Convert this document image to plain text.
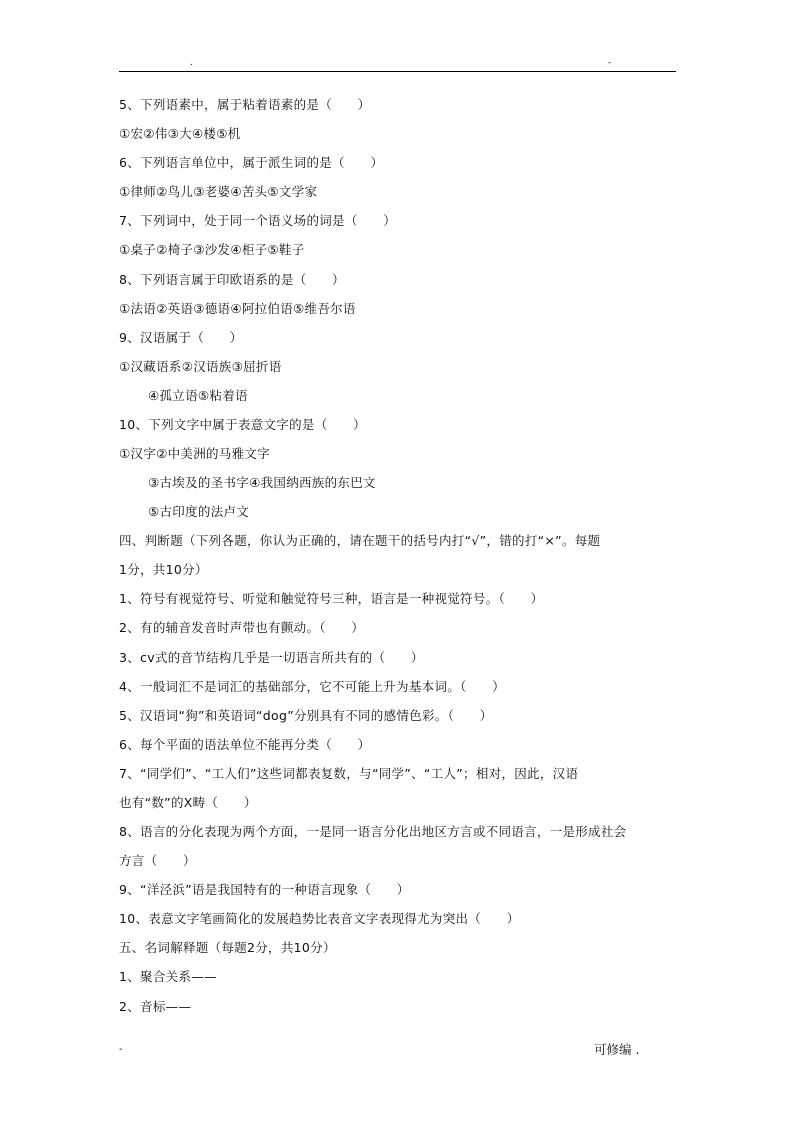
.	-
5、下列语素中，属于粘着语素的是（　　）
①宏②伟③大④楼⑤机
6、下列语言单位中，属于派生词的是（　　）
①律师②鸟儿③老婆④苦头⑤文学家
7、下列词中，处于同一个语义场的词是（　　）
①桌子②椅子③沙发④柜子⑤鞋子
8、下列语言属于印欧语系的是（　　）
①法语②英语③德语④阿拉伯语⑤维吾尔语
9、汉语属于（　　）
①汉藏语系②汉语族③屈折语
④孤立语⑤粘着语
10、下列文字中属于表意文字的是（　　）
①汉字②中美洲的马雅文字
③古埃及的圣书字④我国纳西族的东巴文
⑤古印度的法卢文
四、判断题（下列各题，你认为正确的，请在题干的括号内打“√”，错的打“×”。每题
1分，共10分）
1、符号有视觉符号、听觉和触觉符号三种，语言是一种视觉符号。（　　）
2、有的辅音发音时声带也有颤动。（　　）
3、cv式的音节结构几乎是一切语言所共有的（　　）
4、一般词汇不是词汇的基础部分，它不可能上升为基本词。（　　）
5、汉语词“狗”和英语词“dog”分别具有不同的感情色彩。（　　）
6、每个平面的语法单位不能再分类（　　）
7、“同学们”、“工人们”这些词都表复数，与“同学”、“工人”；相对，因此，汉语
也有“数”的X畴（　　）
8、语言的分化表现为两个方面，一是同一语言分化出地区方言或不同语言，一是形成社会
方言（　　）
9、“洋泾浜”语是我国特有的一种语言现象（　　）
10、表意文字笔画简化的发展趋势比表音文字表现得尤为突出（　　）
五、名词解释题（每题2分，共10分）
1、聚合关系——
2、音标——
-	可修编 .
